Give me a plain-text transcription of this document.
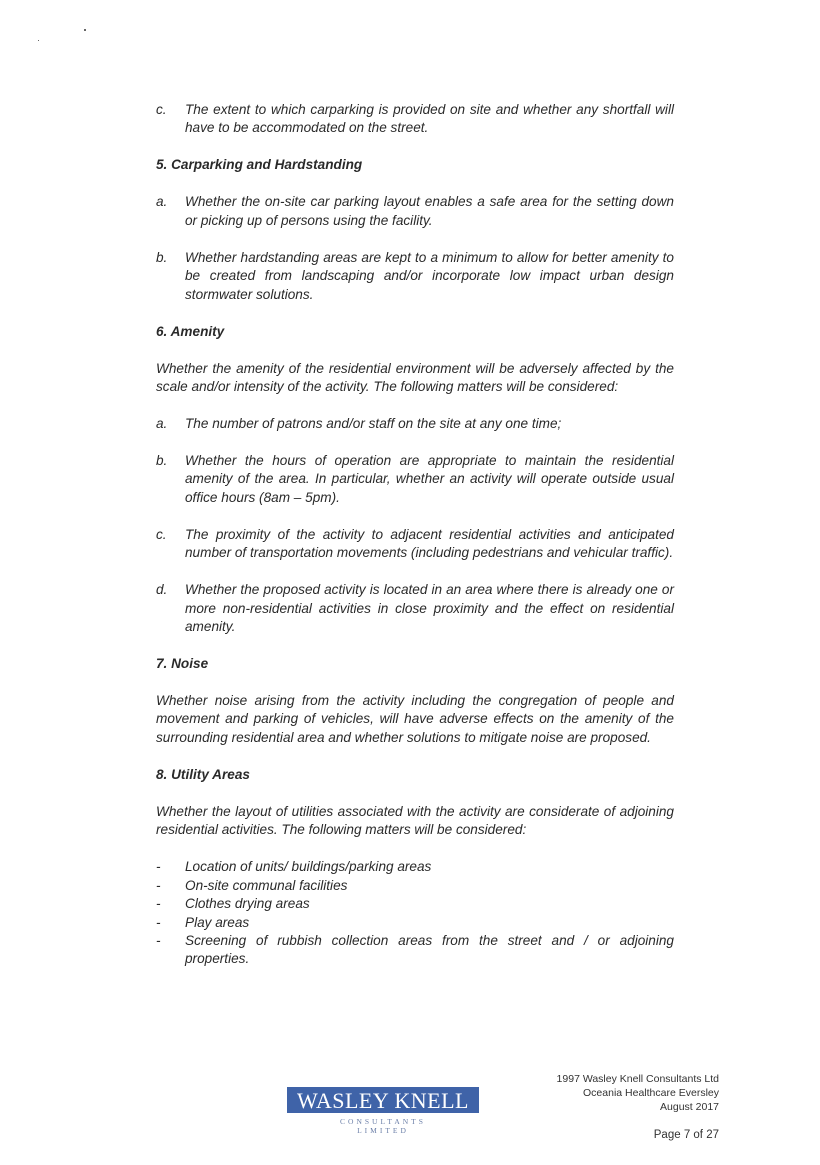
c.	The extent to which carparking is provided on site and whether any shortfall will have to be accommodated on the street.
5. Carparking and Hardstanding
a.	Whether the on-site car parking layout enables a safe area for the setting down or picking up of persons using the facility.
b.	Whether hardstanding areas are kept to a minimum to allow for better amenity to be created from landscaping and/or incorporate low impact urban design stormwater solutions.
6. Amenity
Whether the amenity of the residential environment will be adversely affected by the scale and/or intensity of the activity. The following matters will be considered:
a.	The number of patrons and/or staff on the site at any one time;
b.	Whether the hours of operation are appropriate to maintain the residential amenity of the area. In particular, whether an activity will operate outside usual office hours (8am – 5pm).
c.	The proximity of the activity to adjacent residential activities and anticipated number of transportation movements (including pedestrians and vehicular traffic).
d.	Whether the proposed activity is located in an area where there is already one or more non-residential activities in close proximity and the effect on residential amenity.
7. Noise
Whether noise arising from the activity including the congregation of people and movement and parking of vehicles, will have adverse effects on the amenity of the surrounding residential area and whether solutions to mitigate noise are proposed.
8. Utility Areas
Whether the layout of utilities associated with the activity are considerate of adjoining residential activities. The following matters will be considered:
-	Location of units/ buildings/parking areas
-	On-site communal facilities
-	Clothes drying areas
-	Play areas
-	Screening of rubbish collection areas from the street and / or adjoining properties.
WASLEY KNELL
CONSULTANTS
LIMITED
1997 Wasley Knell Consultants Ltd
Oceania Healthcare Eversley
August 2017
Page 7 of 27
